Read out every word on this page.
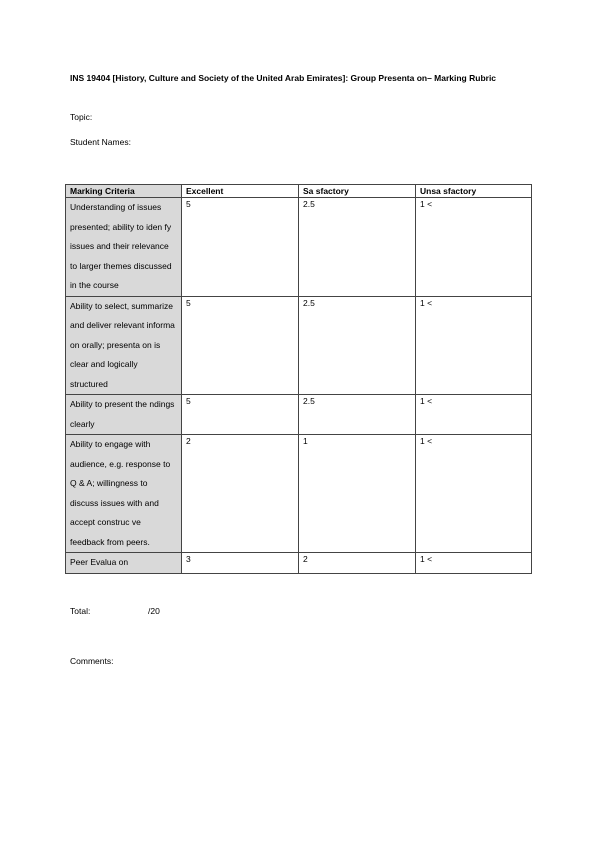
INS 19404 [History, Culture and Society of the United Arab Emirates]: Group Presenta on– Marking Rubric

Topic:

Student Names:

Marking Criteria	Excellent	Sa sfactory	Unsa sfactory
Understanding of issues presented; ability to iden fy issues and their relevance to larger themes discussed in the course	5	2.5	1 <
Ability to select, summarize and deliver relevant informa on orally; presenta on is clear and logically structured	5	2.5	1 <
Ability to present the ndings clearly	5	2.5	1 <
Ability to engage with audience, e.g. response to Q & A; willingness to discuss issues with and accept construc ve feedback from peers.	2	1	1 <
Peer Evalua on	3	2	1 <

Total:	/20

Comments:
